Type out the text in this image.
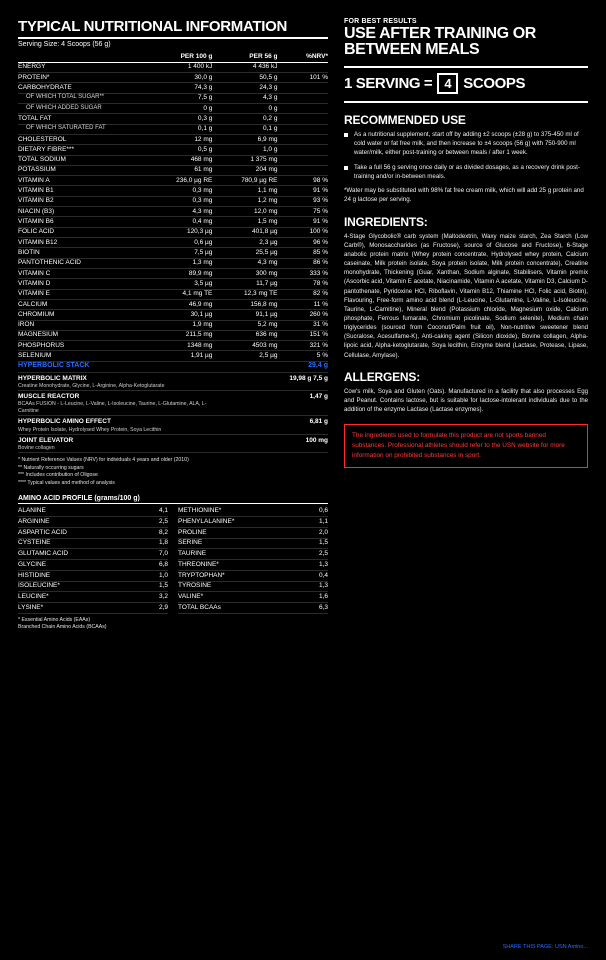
TYPICAL NUTRITIONAL INFORMATION
Serving Size: 4 Scoops (56 g)
	PER 100 g	PER 56 g	%NRV*
ENERGY	1 400 kJ	4 436 kJ	
PROTEIN*	30,0 g	50,5 g	101 %
CARBOHYDRATE	74,3 g	24,3 g	
OF WHICH TOTAL SUGAR**	7,5 g	4,3 g	
OF WHICH ADDED SUGAR	0 g	0 g	
TOTAL FAT	0,3 g	0,2 g	
OF WHICH SATURATED FAT	0,1 g	0,1 g	
CHOLESTEROL	12 mg	6,9 mg	
DIETARY FIBRE***	0,5 g	1,0 g	
TOTAL SODIUM	468 mg	1 375 mg	
POTASSIUM	61 mg	204 mg	
VITAMIN A	236,0 µg RE	780,9 µg RE	98 %
VITAMIN B1	0,3 mg	1,1 mg	91 %
VITAMIN B2	0,3 mg	1,2 mg	93 %
NIACIN (B3)	4,3 mg	12,0 mg	75 %
VITAMIN B6	0,4 mg	1,5 mg	91 %
FOLIC ACID	120,3 µg	401,8 µg	100 %
VITAMIN B12	0,6 µg	2,3 µg	96 %
BIOTIN	7,5 µg	25,5 µg	85 %
PANTOTHENIC ACID	1,3 mg	4,3 mg	86 %
VITAMIN C	89,9 mg	300 mg	333 %
VITAMIN D	3,5 µg	11,7 µg	78 %
VITAMIN E	4,1 mg TE	12,3 mg TE	82 %
CALCIUM	46,9 mg	156,8 mg	11 %
CHROMIUM	30,1 µg	91,1 µg	260 %
IRON	1,9 mg	5,2 mg	31 %
MAGNESIUM	211,5 mg	636 mg	151 %
PHOSPHORUS	1348 mg	4503 mg	321 %
SELENIUM	1,91 µg	2,5 µg	5 %
HYPERBOLIC STACK		29,4 g	

HYPERBOLIC MATRIX
Creatine Monohydrate, Glycine, L-Arginine, Alpha-Ketoglutarate		19,98 g 7,5 g	

MUSCLE REACTOR
BCAAs FUSION - L-Leucine, L-Valine, L-Isoleucine, Taurine, L-Glutamine, ALA, L-Carnitine		1,47 g	

HYPERBOLIC AMINO EFFECT
Whey Protein Isolate, Hydrolysed Whey Protein, Soya Lecithin		6,81 g	

JOINT ELEVATOR
Bovine collagen		100 mg	
* Nutrient Reference Values (NRV) for individuals 4 years and older (2010)
** Naturally occurring sugars
*** Includes contribution of Oligose
**** Typical values and method of analysis
AMINO ACID PROFILE (grams/100 g)
ALANINE	4,1
ARGININE	2,5
ASPARTIC ACID	8,2
CYSTEINE	1,8
GLUTAMIC ACID	7,0
GLYCINE	6,8
HISTIDINE	1,0
ISOLEUCINE*	1,5
LEUCINE*	3,2
LYSINE*	2,9
METHIONINE*	0,6
PHENYLALANINE*	1,1
PROLINE	2,0
SERINE	1,5
TAURINE	2,5
THREONINE*	1,3
TRYPTOPHAN*	0,4
TYROSINE	1,3
VALINE*	1,6
TOTAL BCAAs	6,3
* Essential Amino Acids (EAAs)
Branched Chain Amino Acids (BCAAs)
FOR BEST RESULTS
USE AFTER TRAINING OR BETWEEN MEALS
1 SERVING = 4 SCOOPS
RECOMMENDED USE
As a nutritional supplement, start off by adding ±2 scoops (±28 g) to 375-450 ml of cold water or fat free milk, and then increase to ±4 scoops (56 g) with 750-900 ml water/milk, either post-training or between meals / after 1 week.
Take a full 56 g serving once daily or as divided dosages, as a recovery drink post-training and/or in-between meals.
*Water may be substituted with 98% fat free cream milk, which will add 25 g protein and 24 g lactose per serving.
INGREDIENTS:
4-Stage Glycobolic® carb system (Maltodextrin, Waxy maize starch, Zea Starch (Low Carb®), Monosaccharides (as Fructose), source of Glucose and Fructose), 6-Stage anabolic protein matrix (Whey protein concentrate, Hydrolysed whey protein, Calcium caseinate, Milk protein isolate, Soya protein isolate, Milk protein concentrate), Creatine monohydrate, Thickening (Guar, Xanthan, Sodium alginate, Stabilisers, Vitamin premix (Ascorbic acid, Vitamin E acetate, Niacinamide, Vitamin A acetate, Vitamin D3, Calcium D-pantothenate, Pyridoxine HCl, Riboflavin, Vitamin B12, Thiamine HCl, Folic acid, Biotin), Flavouring, Free-form amino acid blend (L-Leucine, L-Glutamine, L-Valine, L-Isoleucine, Taurine, L-Carnitine), Mineral blend (Potassium chloride, Magnesium oxide, Calcium phosphate, Ferrous fumarate, Chromium picolinate, Sodium selenite), Medium chain triglycerides (sourced from Coconut/Palm fruit oil), Non-nutritive sweetener blend (Sucralose, Acesulfame-K), Anti-caking agent (Silicon dioxide), Bovine collagen, Alpha-lipoic acid, Alpha-ketoglutarate, Soya lecithin, Enzyme blend (Lactase, Protease, Lipase, Cellulase, Amylase).
ALLERGENS:
Cow's milk, Soya and Gluten (Oats). Manufactured in a facility that also processes Egg and Peanut. Contains lactose, but is suitable for lactose-intolerant individuals due to the addition of the enzyme Lactase (Lactase enzymes).

The ingredients used to formulate this product are not sports banned substances. Professional athletes should refer to the USN website for more information on prohibited substances in sport.

SHARE THIS PAGE: USN Amino...
